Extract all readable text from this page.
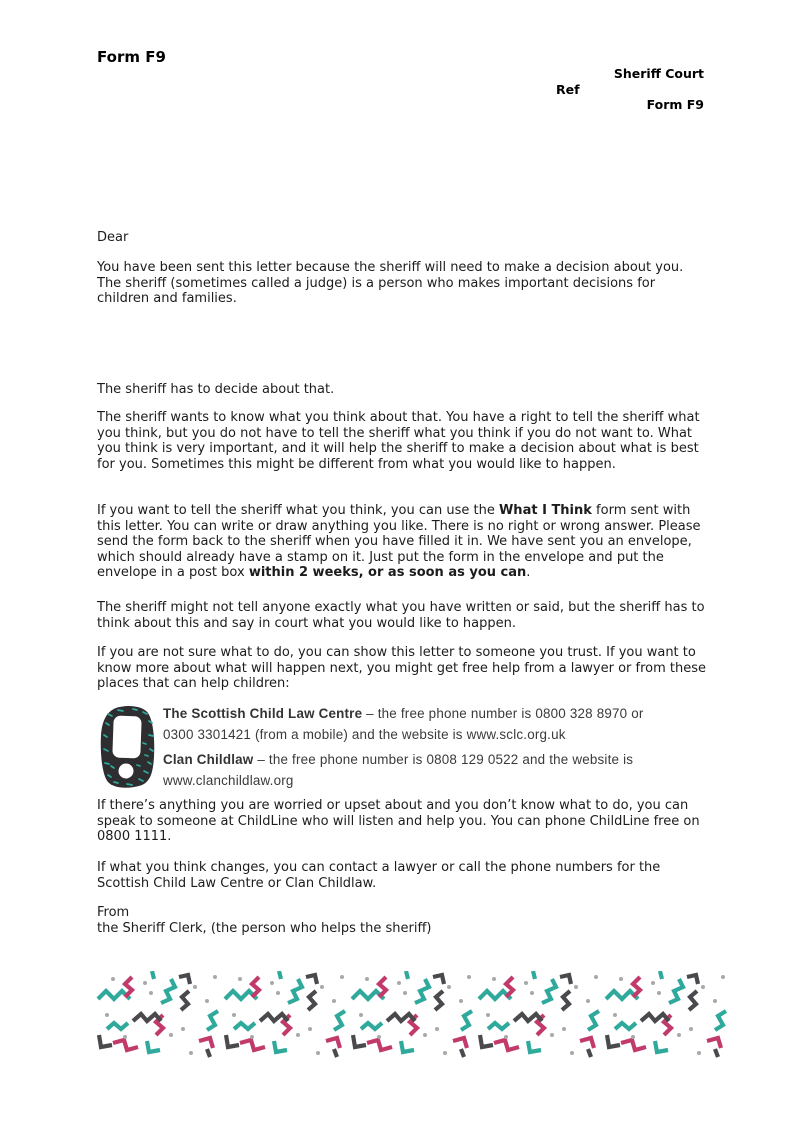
Form F9
Sheriff Court
Ref
Form F9

Dear

You have been sent this letter because the sheriff will need to make a decision about you. The sheriff (sometimes called a judge) is a person who makes important decisions for children and families.

The sheriff has to decide about that.

The sheriff wants to know what you think about that. You have a right to tell the sheriff what you think, but you do not have to tell the sheriff what you think if you do not want to. What you think is very important, and it will help the sheriff to make a decision about what is best for you. Sometimes this might be different from what you would like to happen.

If you want to tell the sheriff what you think, you can use the What I Think form sent with this letter. You can write or draw anything you like. There is no right or wrong answer. Please send the form back to the sheriff when you have filled it in. We have sent you an envelope, which should already have a stamp on it. Just put the form in the envelope and put the envelope in a post box within 2 weeks, or as soon as you can.

The sheriff might not tell anyone exactly what you have written or said, but the sheriff has to think about this and say in court what you would like to happen.

If you are not sure what to do, you can show this letter to someone you trust. If you want to know more about what will happen next, you might get free help from a lawyer or from these places that can help children:

The Scottish Child Law Centre – the free phone number is 0800 328 8970 or 0300 3301421 (from a mobile) and the website is www.sclc.org.uk

Clan Childlaw – the free phone number is 0808 129 0522 and the website is www.clanchildlaw.org

If there’s anything you are worried or upset about and you don’t know what to do, you can speak to someone at ChildLine who will listen and help you. You can phone ChildLine free on 0800 1111.

If what you think changes, you can contact a lawyer or call the phone numbers for the Scottish Child Law Centre or Clan Childlaw.

From
the Sheriff Clerk, (the person who helps the sheriff)
